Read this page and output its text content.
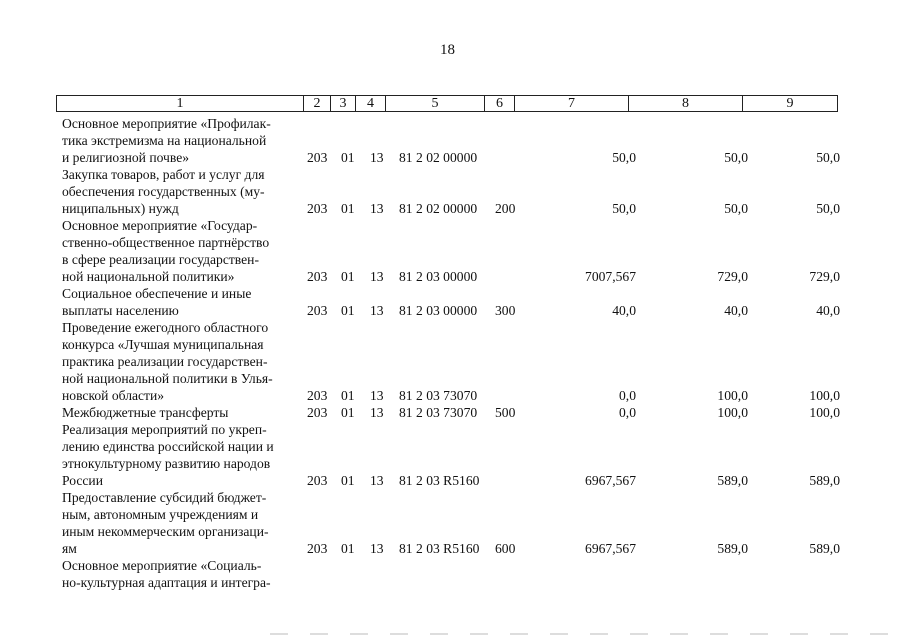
18
1	2	3	4	5	6	7	8	9
Основное мероприятие «Профилак-
тика экстремизма на национальной
и религиозной почве»	203 01 13 81 2 02 00000	50,0	50,0	50,0
Закупка товаров, работ и услуг для
обеспечения государственных (му-
ниципальных) нужд	203 01 13 81 2 02 00000 200	50,0	50,0	50,0
Основное мероприятие «Государ-
ственно-общественное партнёрство
в сфере реализации государствен-
ной национальной политики»	203 01 13 81 2 03 00000	7007,567	729,0	729,0
Социальное обеспечение и иные
выплаты населению	203 01 13 81 2 03 00000 300	40,0	40,0	40,0
Проведение ежегодного областного
конкурса «Лучшая муниципальная
практика реализации государствен-
ной национальной политики в Улья-
новской области»	203 01 13 81 2 03 73070	0,0	100,0	100,0
Межбюджетные трансферты	203 01 13 81 2 03 73070 500	0,0	100,0	100,0
Реализация мероприятий по укреп-
лению единства российской нации и
этнокультурному развитию народов
России	203 01 13 81 2 03 R5160	6967,567	589,0	589,0
Предоставление субсидий бюджет-
ным, автономным учреждениям и
иным некоммерческим организаци-
ям	203 01 13 81 2 03 R5160 600	6967,567	589,0	589,0
Основное мероприятие «Социаль-
но-культурная адаптация и интегра-
